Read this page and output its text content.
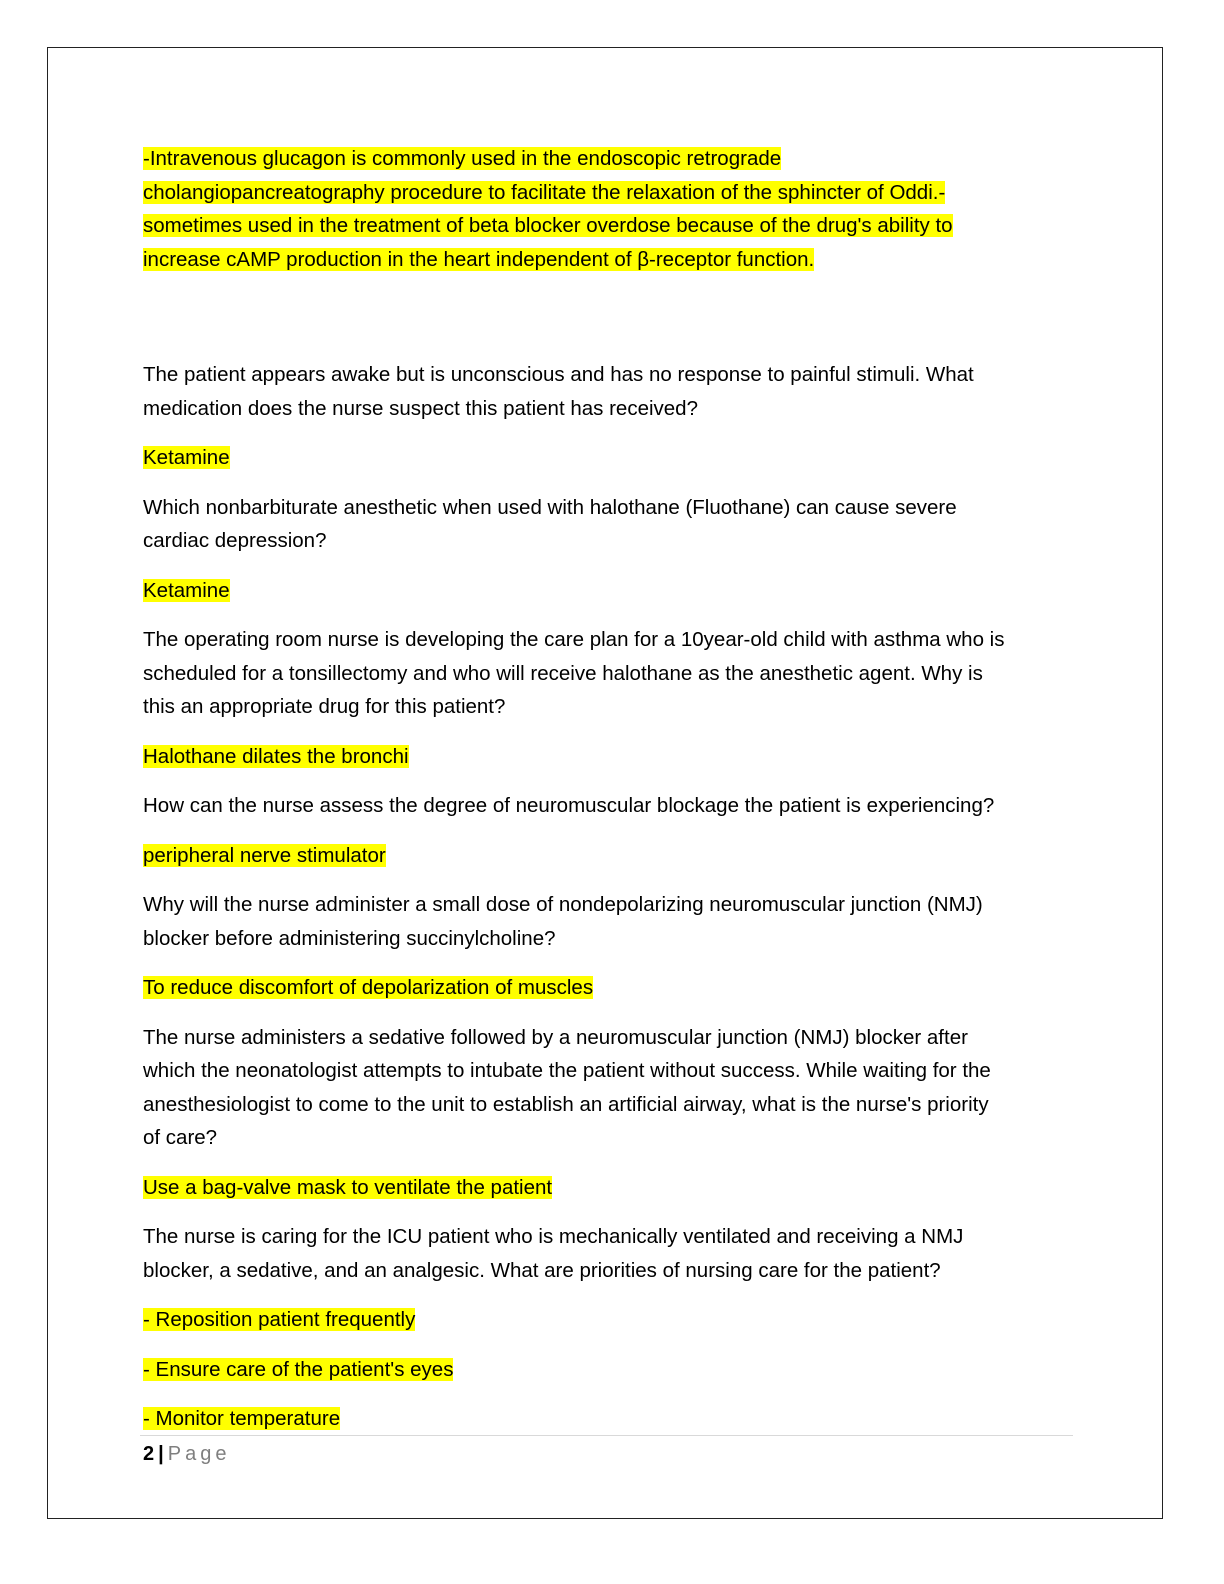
-Intravenous glucagon is commonly used in the endoscopic retrograde
cholangiopancreatography procedure to facilitate the relaxation of the sphincter of Oddi.-
sometimes used in the treatment of beta blocker overdose because of the drug's ability to
increase cAMP production in the heart independent of β-receptor function.
The patient appears awake but is unconscious and has no response to painful stimuli. What
medication does the nurse suspect this patient has received?
Ketamine
Which nonbarbiturate anesthetic when used with halothane (Fluothane) can cause severe
cardiac depression?
Ketamine
The operating room nurse is developing the care plan for a 10year-old child with asthma who is
scheduled for a tonsillectomy and who will receive halothane as the anesthetic agent. Why is
this an appropriate drug for this patient?
Halothane dilates the bronchi
How can the nurse assess the degree of neuromuscular blockage the patient is experiencing?
peripheral nerve stimulator
Why will the nurse administer a small dose of nondepolarizing neuromuscular junction (NMJ)
blocker before administering succinylcholine?
To reduce discomfort of depolarization of muscles
The nurse administers a sedative followed by a neuromuscular junction (NMJ) blocker after
which the neonatologist attempts to intubate the patient without success. While waiting for the
anesthesiologist to come to the unit to establish an artificial airway, what is the nurse's priority
of care?
Use a bag-valve mask to ventilate the patient
The nurse is caring for the ICU patient who is mechanically ventilated and receiving a NMJ
blocker, a sedative, and an analgesic. What are priorities of nursing care for the patient?
- Reposition patient frequently
- Ensure care of the patient's eyes
- Monitor temperature
2 | Page
